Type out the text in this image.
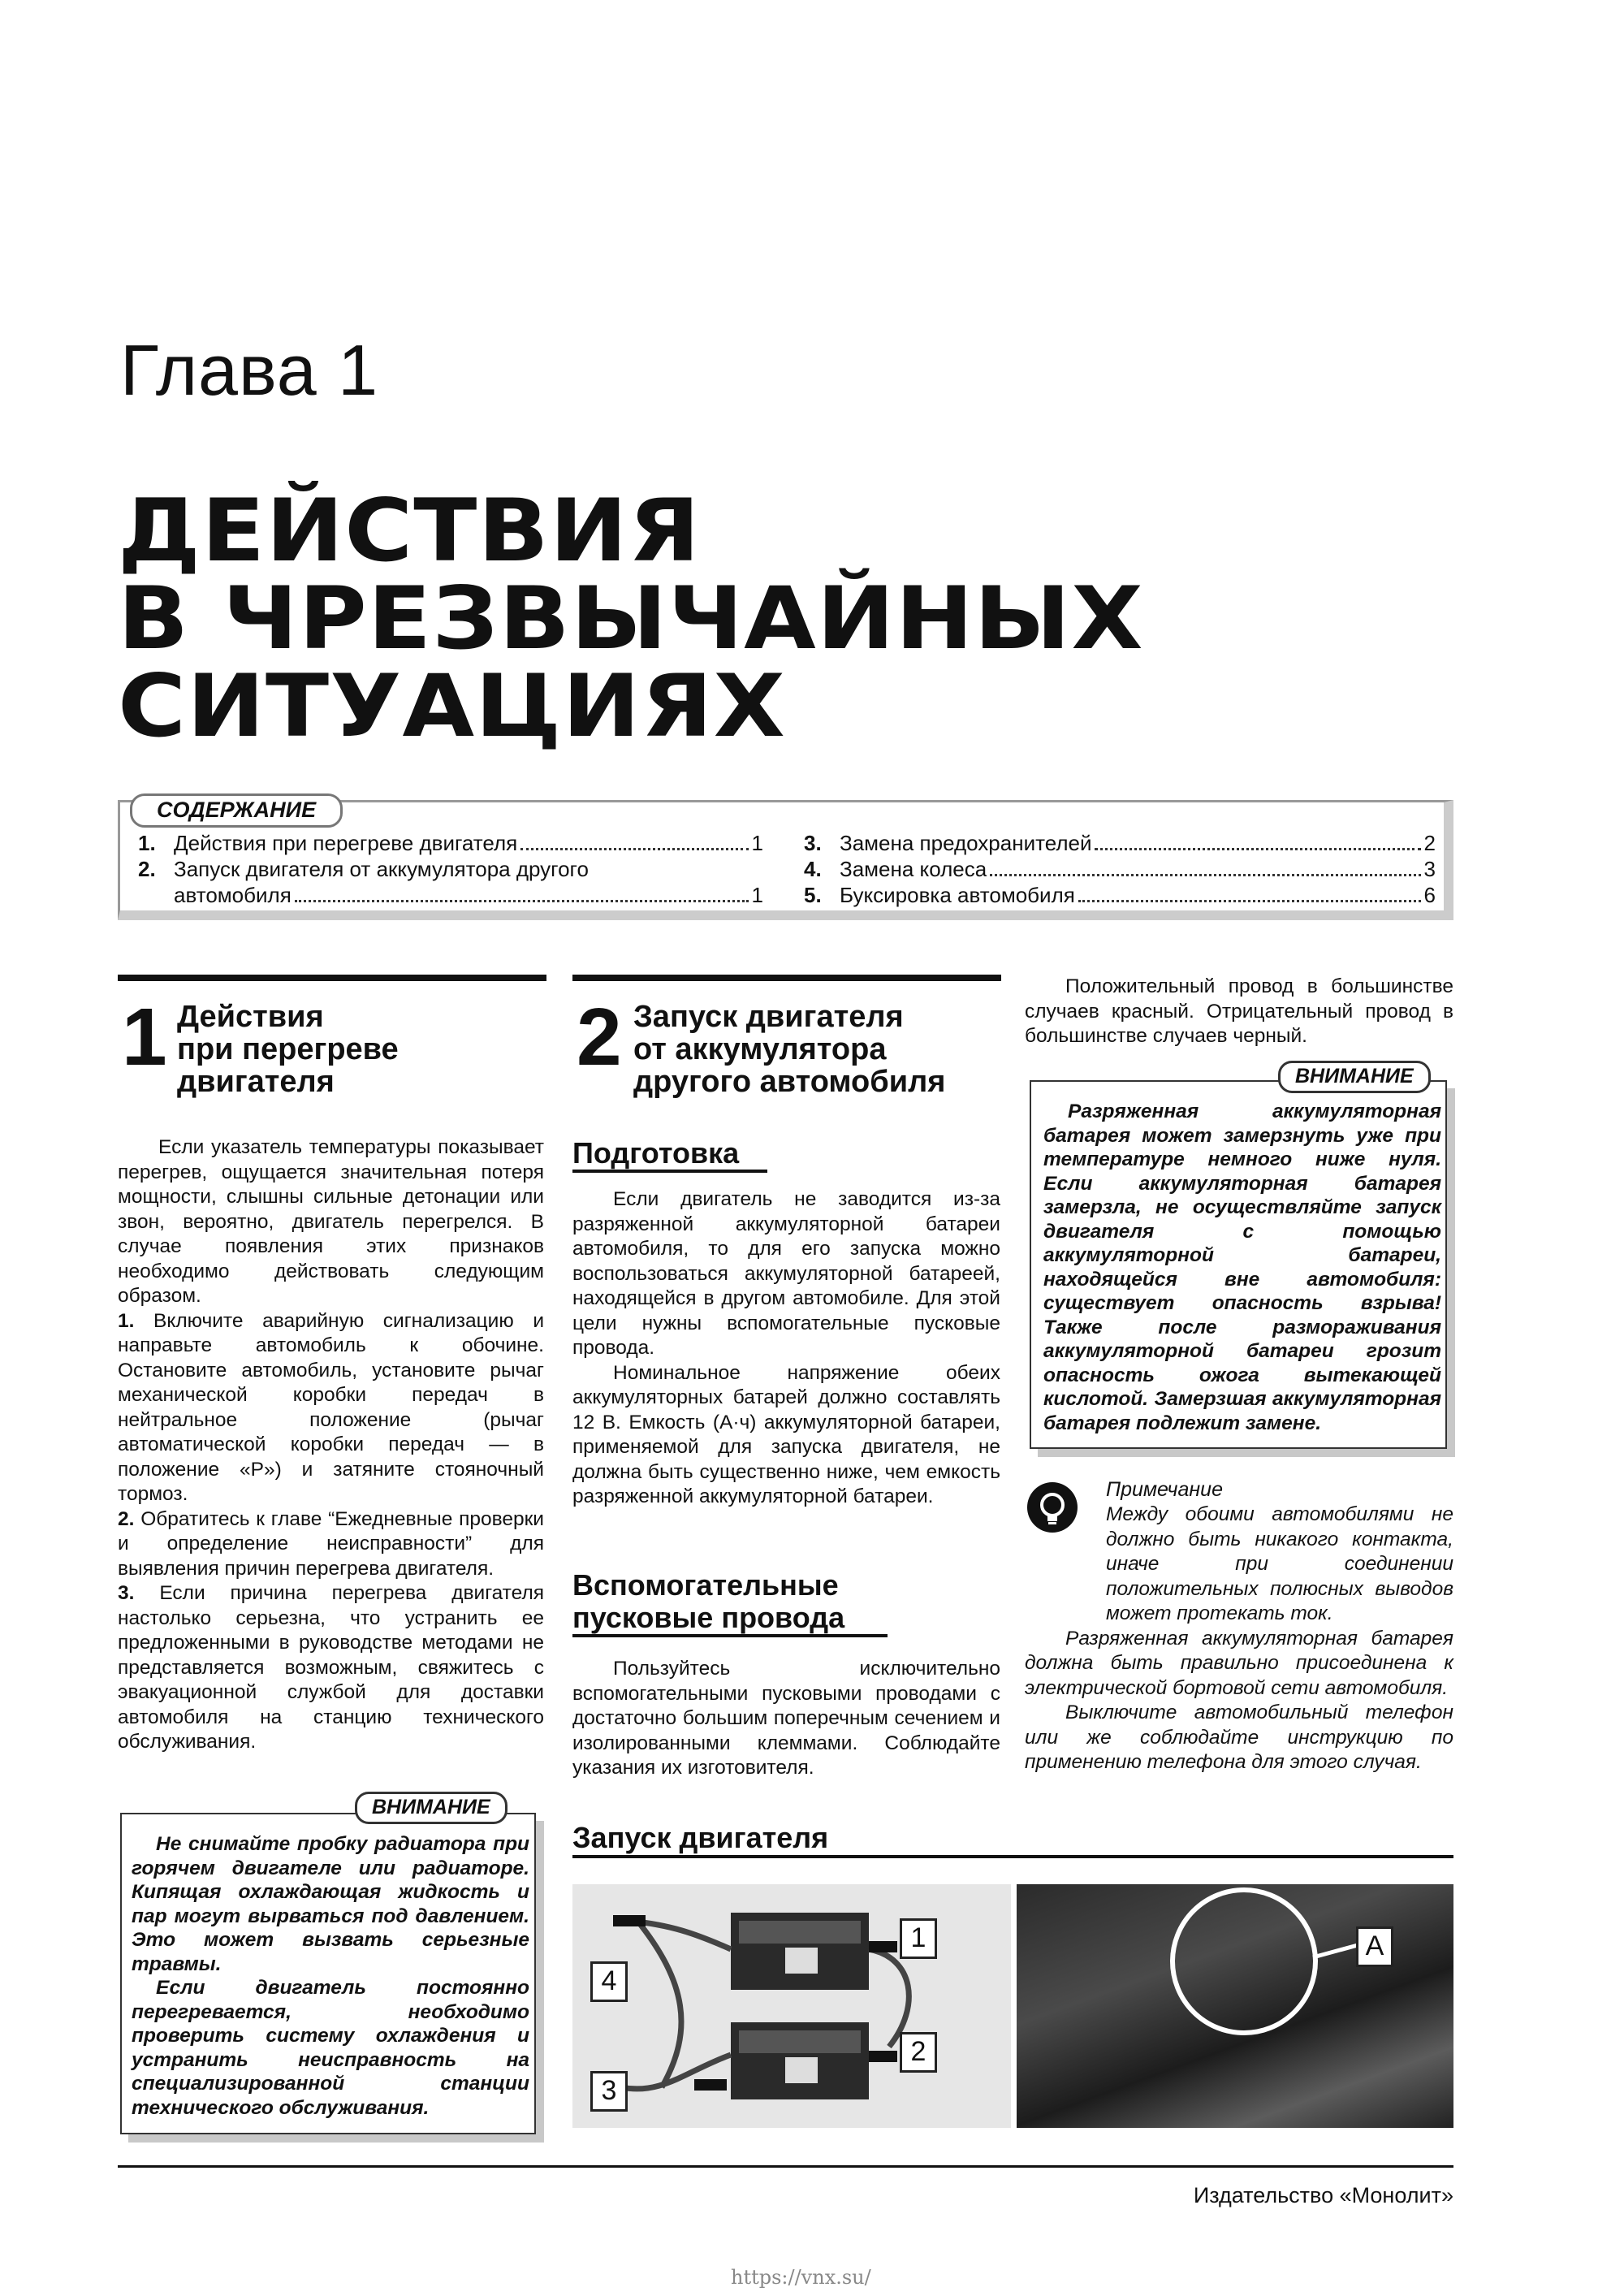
Глава 1
ДЕЙСТВИЯ
В ЧРЕЗВЫЧАЙНЫХ
СИТУАЦИЯХ
СОДЕРЖАНИЕ
1. Действия при перегреве двигателя	1
2. Запуск двигателя от аккумулятора другого
автомобиля	1
3. Замена предохранителей	2
4. Замена колеса	3
5. Буксировка автомобиля	6
1 Действия
при перегреве
двигателя
Если указатель температуры показывает перегрев, ощущается значительная потеря мощности, слышны сильные детонации или звон, вероятно, двигатель перегрелся. В случае появления этих признаков необходимо действовать следующим образом.
1. Включите аварийную сигнализацию и направьте автомобиль к обочине. Остановите автомобиль, установите рычаг механической коробки передач в нейтральное положение (рычаг автоматической коробки передач — в положение «P») и затяните стояночный тормоз.
2. Обратитесь к главе “Ежедневные проверки и определение неисправности” для выявления причин перегрева двигателя.
3. Если причина перегрева двигателя настолько серьезна, что устранить ее предложенными в руководстве методами не представляется возможным, свяжитесь с эвакуационной службой для доставки автомобиля на станцию технического обслуживания.
ВНИМАНИЕ
Не снимайте пробку радиатора при горячем двигателе или радиаторе. Кипящая охлаждающая жидкость и пар могут вырваться под давлением. Это может вызвать серьезные травмы.
Если двигатель постоянно перегревается, необходимо проверить систему охлаждения и устранить неисправность на специализированной станции технического обслуживания.
2 Запуск двигателя
от аккумулятора
другого автомобиля
Подготовка
Если двигатель не заводится из-за разряженной аккумуляторной батареи автомобиля, то для его запуска можно воспользоваться аккумуляторной батареей, находящейся в другом автомобиле. Для этой цели нужны вспомогательные пусковые провода.
Номинальное напряжение обеих аккумуляторных батарей должно составлять 12 В. Емкость (А·ч) аккумуляторной батареи, применяемой для запуска двигателя, не должна быть существенно ниже, чем емкость разряженной аккумуляторной батареи.
Вспомогательные
пусковые провода
Пользуйтесь исключительно вспомогательными пусковыми проводами с достаточно большим поперечным сечением и изолированными клеммами. Соблюдайте указания их изготовителя.
Положительный провод в большинстве случаев красный. Отрицательный провод в большинстве случаев черный.
ВНИМАНИЕ
Разряженная аккумуляторная батарея может замерзнуть уже при температуре немного ниже нуля. Если аккумуляторная батарея замерзла, не осуществляйте запуск двигателя с помощью аккумуляторной батареи, находящейся вне автомобиля: существует опасность взрыва! Также после размораживания аккумуляторной батареи грозит опасность ожога вытекающей кислотой. Замерзшая аккумуляторная батарея подлежит замене.
Примечание
Между обоими автомобилями не должно быть никакого контакта, иначе при соединении положительных полюсных выводов может протекать ток.
Разряженная аккумуляторная батарея должна быть правильно присоединена к электрической бортовой сети автомобиля.
Выключите автомобильный телефон или же соблюдайте инструкцию по применению телефона для этого случая.
Запуск двигателя
1
2
3
4
A
Издательство «Монолит»
https://vnx.su/
